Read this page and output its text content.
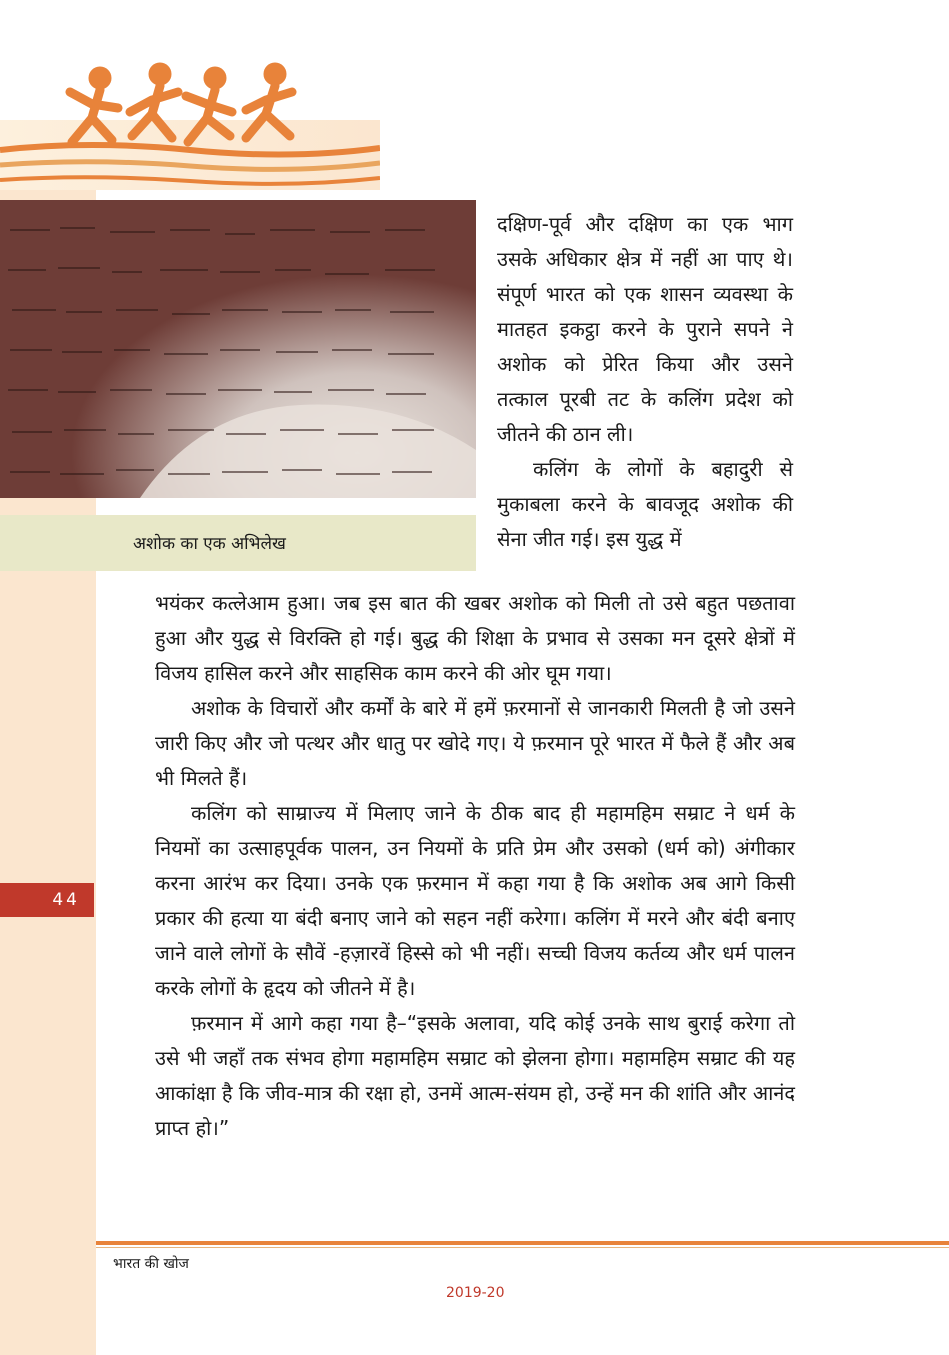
अशोक का एक अभिलेख

दक्षिण-पूर्व और दक्षिण का एक भाग उसके अधिकार क्षेत्र में नहीं आ पाए थे। संपूर्ण भारत को एक शासन व्यवस्था के मातहत इकट्ठा करने के पुराने सपने ने अशोक को प्रेरित किया और उसने तत्काल पूरबी तट के कलिंग प्रदेश को जीतने की ठान ली।

कलिंग के लोगों के बहादुरी से मुकाबला करने के बावजूद अशोक की सेना जीत गई। इस युद्ध में

भयंकर कत्लेआम हुआ। जब इस बात की खबर अशोक को मिली तो उसे बहुत पछतावा हुआ और युद्ध से विरक्ति हो गई। बुद्ध की शिक्षा के प्रभाव से उसका मन दूसरे क्षेत्रों में विजय हासिल करने और साहसिक काम करने की ओर घूम गया।

अशोक के विचारों और कर्मों के बारे में हमें फ़रमानों से जानकारी मिलती है जो उसने जारी किए और जो पत्थर और धातु पर खोदे गए। ये फ़रमान पूरे भारत में फैले हैं और अब भी मिलते हैं।

कलिंग को साम्राज्य में मिलाए जाने के ठीक बाद ही महामहिम सम्राट ने धर्म के नियमों का उत्साहपूर्वक पालन, उन नियमों के प्रति प्रेम और उसको (धर्म को) अंगीकार करना आरंभ कर दिया। उनके एक फ़रमान में कहा गया है कि अशोक अब आगे किसी प्रकार की हत्या या बंदी बनाए जाने को सहन नहीं करेगा। कलिंग में मरने और बंदी बनाए जाने वाले लोगों के सौवें -हज़ारवें हिस्से को भी नहीं। सच्ची विजय कर्तव्य और धर्म पालन करके लोगों के हृदय को जीतने में है।

फ़रमान में आगे कहा गया है–“इसके अलावा, यदि कोई उनके साथ बुराई करेगा तो उसे भी जहाँ तक संभव होगा महामहिम सम्राट को झेलना होगा। महामहिम सम्राट की यह आकांक्षा है कि जीव-मात्र की रक्षा हो, उनमें आत्म-संयम हो, उन्हें मन की शांति और आनंद प्राप्त हो।”

44
भारत की खोज
2019-20
